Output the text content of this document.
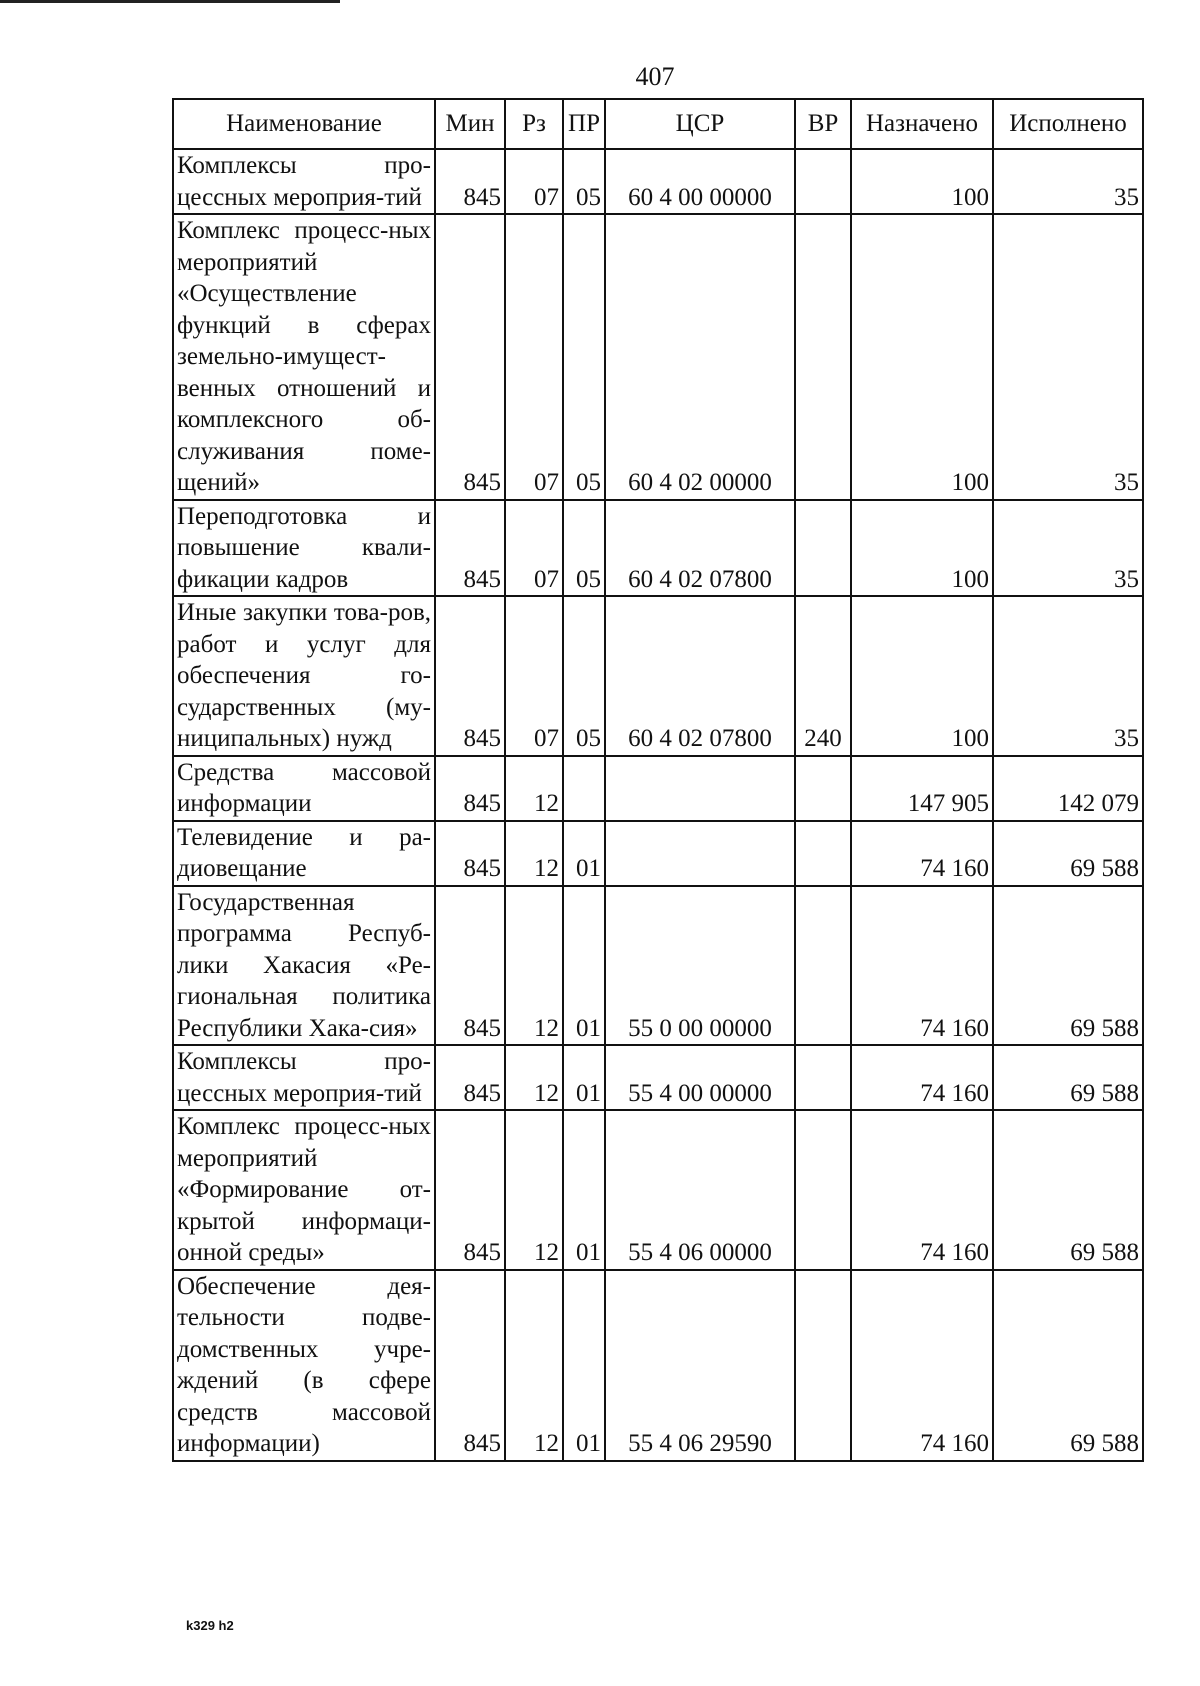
407
Наименование	Мин	Рз	ПР	ЦСР	ВР	Назначено	Исполнено
Комплексы про-цессных мероприя-тий	845	07	05	60 4 00 00000		100	35
Комплекс процесс-ных мероприятий «Осуществление функций в сферах земельно-имущест-венных отношений и комплексного об-служивания поме-щений»	845	07	05	60 4 02 00000		100	35
Переподготовка и повышение квали-фикации кадров	845	07	05	60 4 02 07800		100	35
Иные закупки това-ров, работ и услуг для обеспечения го-сударственных (му-ниципальных) нужд	845	07	05	60 4 02 07800	240	100	35
Средства массовой информации	845	12				147 905	142 079
Телевидение и ра-диовещание	845	12	01			74 160	69 588
Государственная программа Респуб-лики Хакасия «Ре-гиональная политика Республики Хака-сия»	845	12	01	55 0 00 00000		74 160	69 588
Комплексы про-цессных мероприя-тий	845	12	01	55 4 00 00000		74 160	69 588
Комплекс процесс-ных мероприятий «Формирование от-крытой информаци-онной среды»	845	12	01	55 4 06 00000		74 160	69 588
Обеспечение дея-тельности подве-домственных учре-ждений (в сфере средств массовой информации)	845	12	01	55 4 06 29590		74 160	69 588
k329 h2
